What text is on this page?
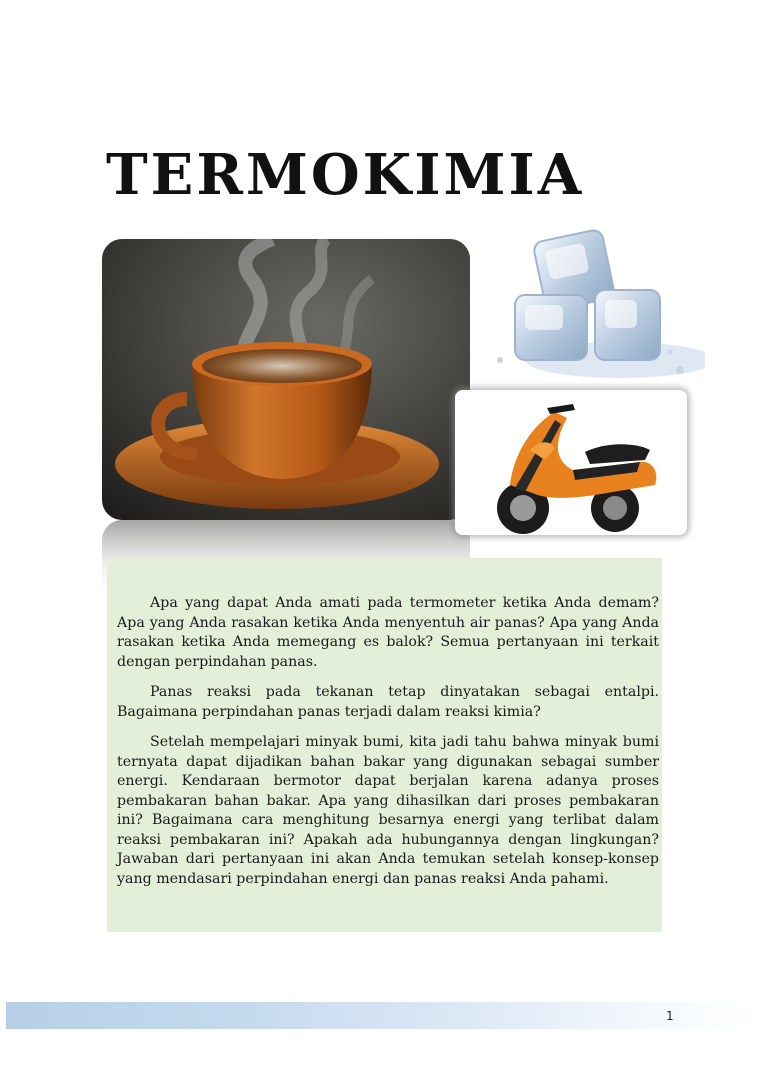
TERMOKIMIA

Apa yang dapat Anda amati pada termometer ketika Anda demam? Apa yang Anda rasakan ketika Anda menyentuh air panas? Apa yang Anda rasakan ketika Anda memegang es balok? Semua pertanyaan ini terkait dengan perpindahan panas.

Panas reaksi pada tekanan tetap dinyatakan sebagai entalpi. Bagaimana perpindahan panas terjadi dalam reaksi kimia?

Setelah mempelajari minyak bumi, kita jadi tahu bahwa minyak bumi ternyata dapat dijadikan bahan bakar yang digunakan sebagai sumber energi. Kendaraan bermotor dapat berjalan karena adanya proses pembakaran bahan bakar. Apa yang dihasilkan dari proses pembakaran ini? Bagaimana cara menghitung besarnya energi yang terlibat dalam reaksi pembakaran ini? Apakah ada hubungannya dengan lingkungan? Jawaban dari pertanyaan ini akan Anda temukan setelah konsep-konsep yang mendasari perpindahan energi dan panas reaksi Anda pahami.

1
